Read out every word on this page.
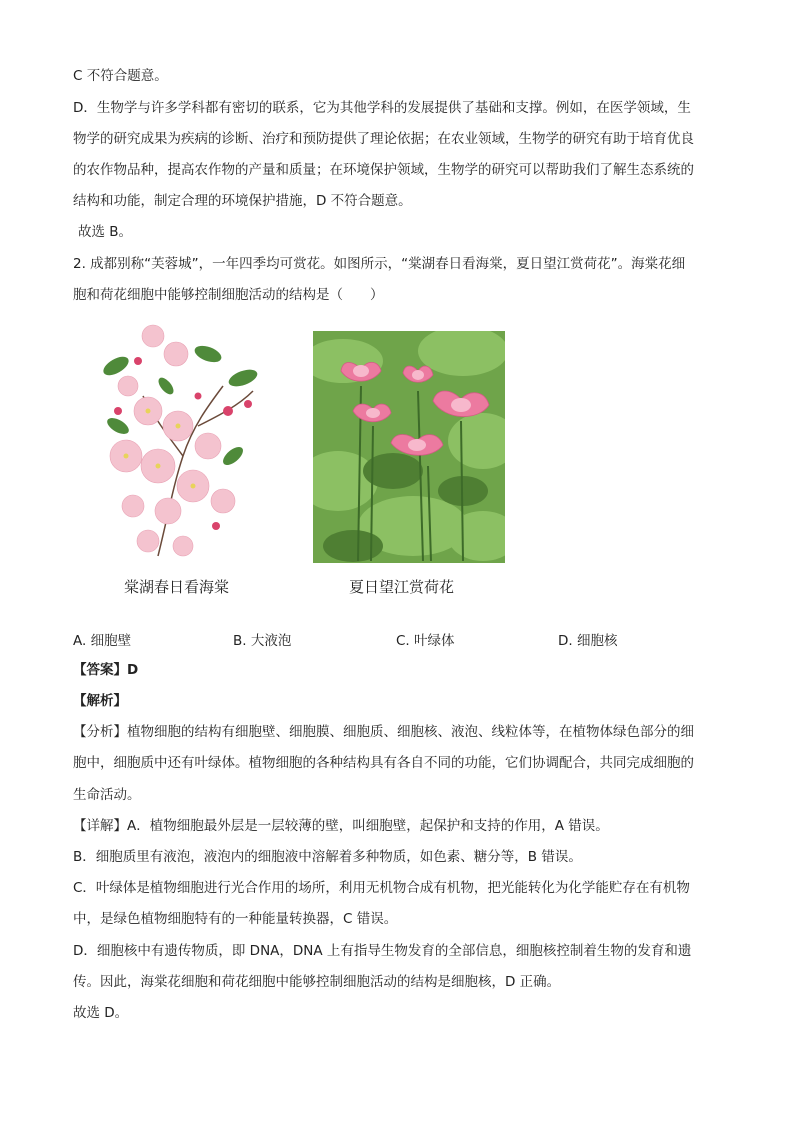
C 不符合题意。
D．生物学与许多学科都有密切的联系，它为其他学科的发展提供了基础和支撑。例如，在医学领域，生
物学的研究成果为疾病的诊断、治疗和预防提供了理论依据；在农业领域，生物学的研究有助于培育优良
的农作物品种，提高农作物的产量和质量；在环境保护领域，生物学的研究可以帮助我们了解生态系统的
结构和功能，制定合理的环境保护措施，D 不符合题意。
故选 B。
2. 成都别称“芙蓉城”，一年四季均可赏花。如图所示，“棠湖春日看海棠，夏日望江赏荷花”。海棠花细
胞和荷花细胞中能够控制细胞活动的结构是（　　）
棠湖春日看海棠	夏日望江赏荷花
A. 细胞壁	B. 大液泡	C. 叶绿体	D. 细胞核
【答案】D
【解析】
【分析】植物细胞的结构有细胞壁、细胞膜、细胞质、细胞核、液泡、线粒体等，在植物体绿色部分的细
胞中，细胞质中还有叶绿体。植物细胞的各种结构具有各自不同的功能，它们协调配合，共同完成细胞的
生命活动。
【详解】A．植物细胞最外层是一层较薄的壁，叫细胞壁，起保护和支持的作用，A 错误。
B．细胞质里有液泡，液泡内的细胞液中溶解着多种物质，如色素、糖分等，B 错误。
C．叶绿体是植物细胞进行光合作用的场所，利用无机物合成有机物，把光能转化为化学能贮存在有机物
中，是绿色植物细胞特有的一种能量转换器，C 错误。
D．细胞核中有遗传物质，即 DNA，DNA 上有指导生物发育的全部信息，细胞核控制着生物的发育和遗
传。因此，海棠花细胞和荷花细胞中能够控制细胞活动的结构是细胞核，D 正确。
故选 D。
